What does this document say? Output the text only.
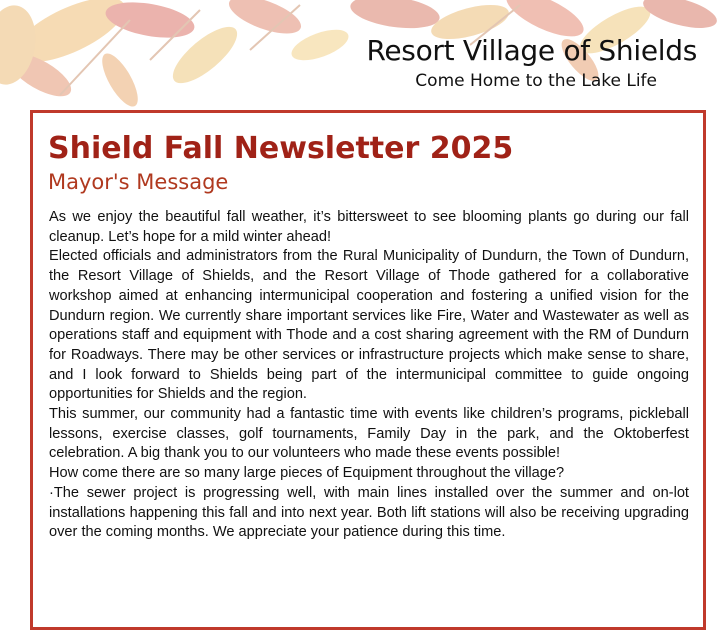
Resort Village of Shields
Come Home to the Lake Life
Shield Fall Newsletter 2025
Mayor's Message

As we enjoy the beautiful fall weather, it’s bittersweet to see blooming plants go during our fall cleanup. Let’s hope for a mild winter ahead!

Elected officials and administrators from the Rural Municipality of Dundurn, the Town of Dundurn, the Resort Village of Shields, and the Resort Village of Thode gathered for a collaborative workshop aimed at enhancing intermunicipal cooperation and fostering a unified vision for the Dundurn region. We currently share important services like Fire, Water and Wastewater as well as operations staff and equipment with Thode and a cost sharing agreement with the RM of Dundurn for Roadways. There may be other services or infrastructure projects which make sense to share, and I look forward to Shields being part of the intermunicipal committee to guide ongoing opportunities for Shields and the region.

This summer, our community had a fantastic time with events like children’s programs, pickleball lessons, exercise classes, golf tournaments, Family Day in the park, and the Oktoberfest celebration. A big thank you to our volunteers who made these events possible!

How come there are so many large pieces of Equipment throughout the village?

·The sewer project is progressing well, with main lines installed over the summer and on-lot installations happening this fall and into next year. Both lift stations will also be receiving upgrading over the coming months. We appreciate your patience during this time.
